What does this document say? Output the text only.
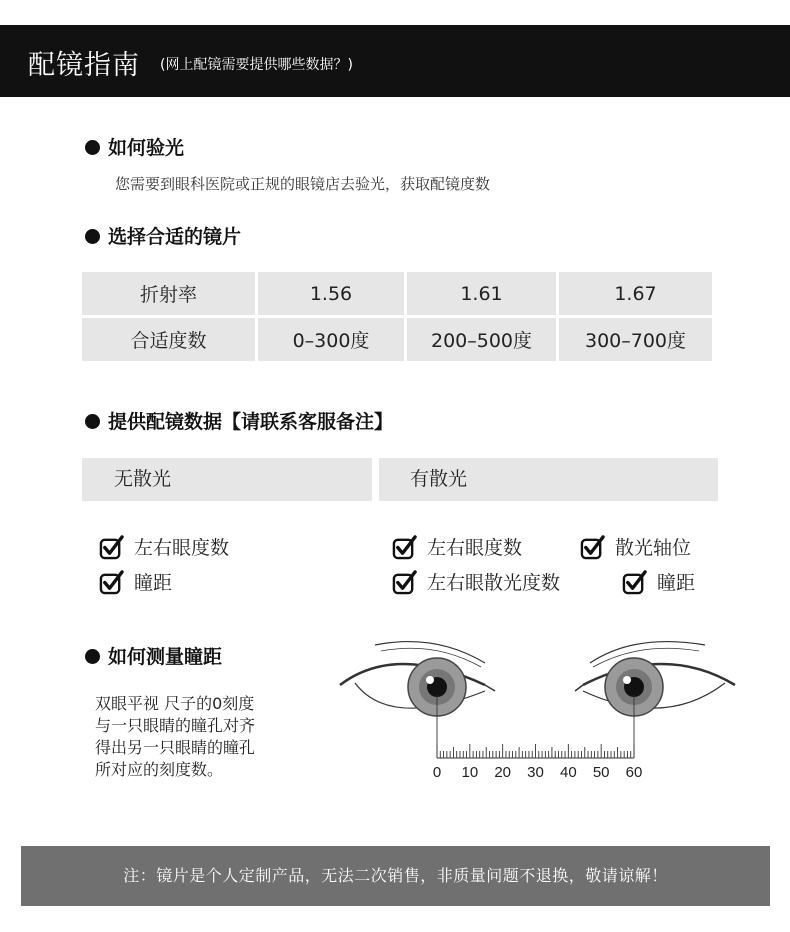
配镜指南 (网上配镜需要提供哪些数据？)
如何验光
您需要到眼科医院或正规的眼镜店去验光，获取配镜度数
选择合适的镜片
折射率	1.56	1.61	1.67
合适度数	0–300度	200–500度	300–700度
提供配镜数据【请联系客服备注】
无散光	有散光
左右眼度数
瞳距
左右眼度数	散光轴位
左右眼散光度数	瞳距
如何测量瞳距
双眼平视 尺子的0刻度
与一只眼睛的瞳孔对齐
得出另一只眼睛的瞳孔
所对应的刻度数。	0 10 20 30 40 50 60
注：镜片是个人定制产品，无法二次销售，非质量问题不退换，敬请谅解！
